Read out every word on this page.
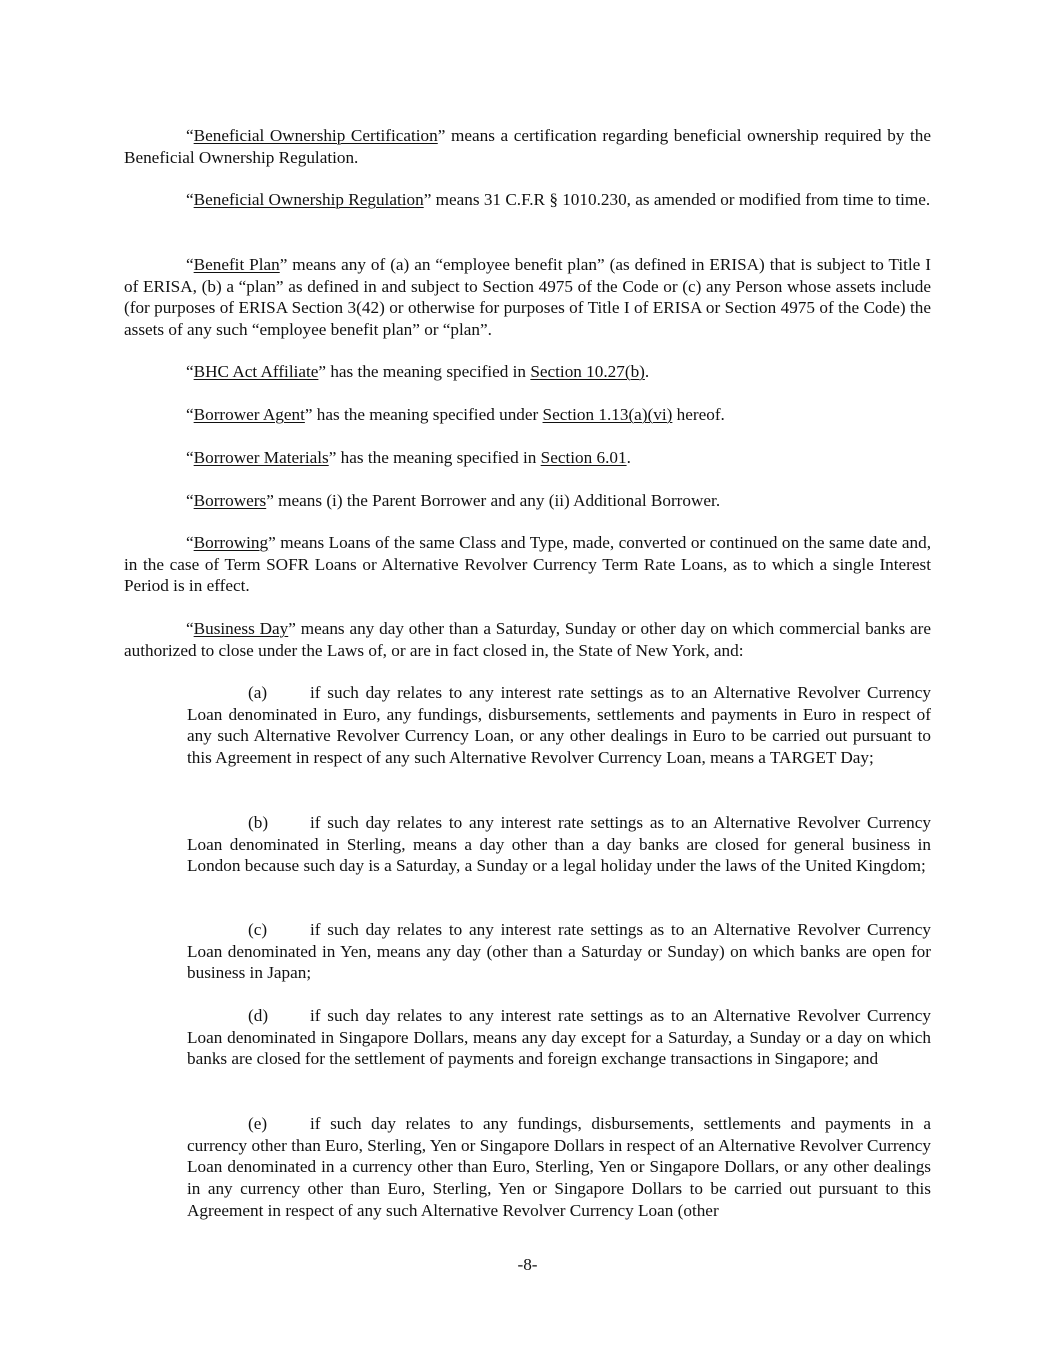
“Beneficial Ownership Certification” means a certification regarding beneficial ownership required by the Beneficial Ownership Regulation.

“Beneficial Ownership Regulation” means 31 C.F.R § 1010.230, as amended or modified from time to time.

“Benefit Plan” means any of (a) an “employee benefit plan” (as defined in ERISA) that is subject to Title I of ERISA, (b) a “plan” as defined in and subject to Section 4975 of the Code or (c) any Person whose assets include (for purposes of ERISA Section 3(42) or otherwise for purposes of Title I of ERISA or Section 4975 of the Code) the assets of any such “employee benefit plan” or “plan”.

“BHC Act Affiliate” has the meaning specified in Section 10.27(b).

“Borrower Agent” has the meaning specified under Section 1.13(a)(vi) hereof.

“Borrower Materials” has the meaning specified in Section 6.01.

“Borrowers” means (i) the Parent Borrower and any (ii) Additional Borrower.

“Borrowing” means Loans of the same Class and Type, made, converted or continued on the same date and, in the case of Term SOFR Loans or Alternative Revolver Currency Term Rate Loans, as to which a single Interest Period is in effect.

“Business Day” means any day other than a Saturday, Sunday or other day on which commercial banks are authorized to close under the Laws of, or are in fact closed in, the State of New York, and:

(a) if such day relates to any interest rate settings as to an Alternative Revolver Currency Loan denominated in Euro, any fundings, disbursements, settlements and payments in Euro in respect of any such Alternative Revolver Currency Loan, or any other dealings in Euro to be carried out pursuant to this Agreement in respect of any such Alternative Revolver Currency Loan, means a TARGET Day;

(b) if such day relates to any interest rate settings as to an Alternative Revolver Currency Loan denominated in Sterling, means a day other than a day banks are closed for general business in London because such day is a Saturday, a Sunday or a legal holiday under the laws of the United Kingdom;

(c) if such day relates to any interest rate settings as to an Alternative Revolver Currency Loan denominated in Yen, means any day (other than a Saturday or Sunday) on which banks are open for business in Japan;

(d) if such day relates to any interest rate settings as to an Alternative Revolver Currency Loan denominated in Singapore Dollars, means any day except for a Saturday, a Sunday or a day on which banks are closed for the settlement of payments and foreign exchange transactions in Singapore; and

(e) if such day relates to any fundings, disbursements, settlements and payments in a currency other than Euro, Sterling, Yen or Singapore Dollars in respect of an Alternative Revolver Currency Loan denominated in a currency other than Euro, Sterling, Yen or Singapore Dollars, or any other dealings in any currency other than Euro, Sterling, Yen or Singapore Dollars to be carried out pursuant to this Agreement in respect of any such Alternative Revolver Currency Loan (other

-8-
